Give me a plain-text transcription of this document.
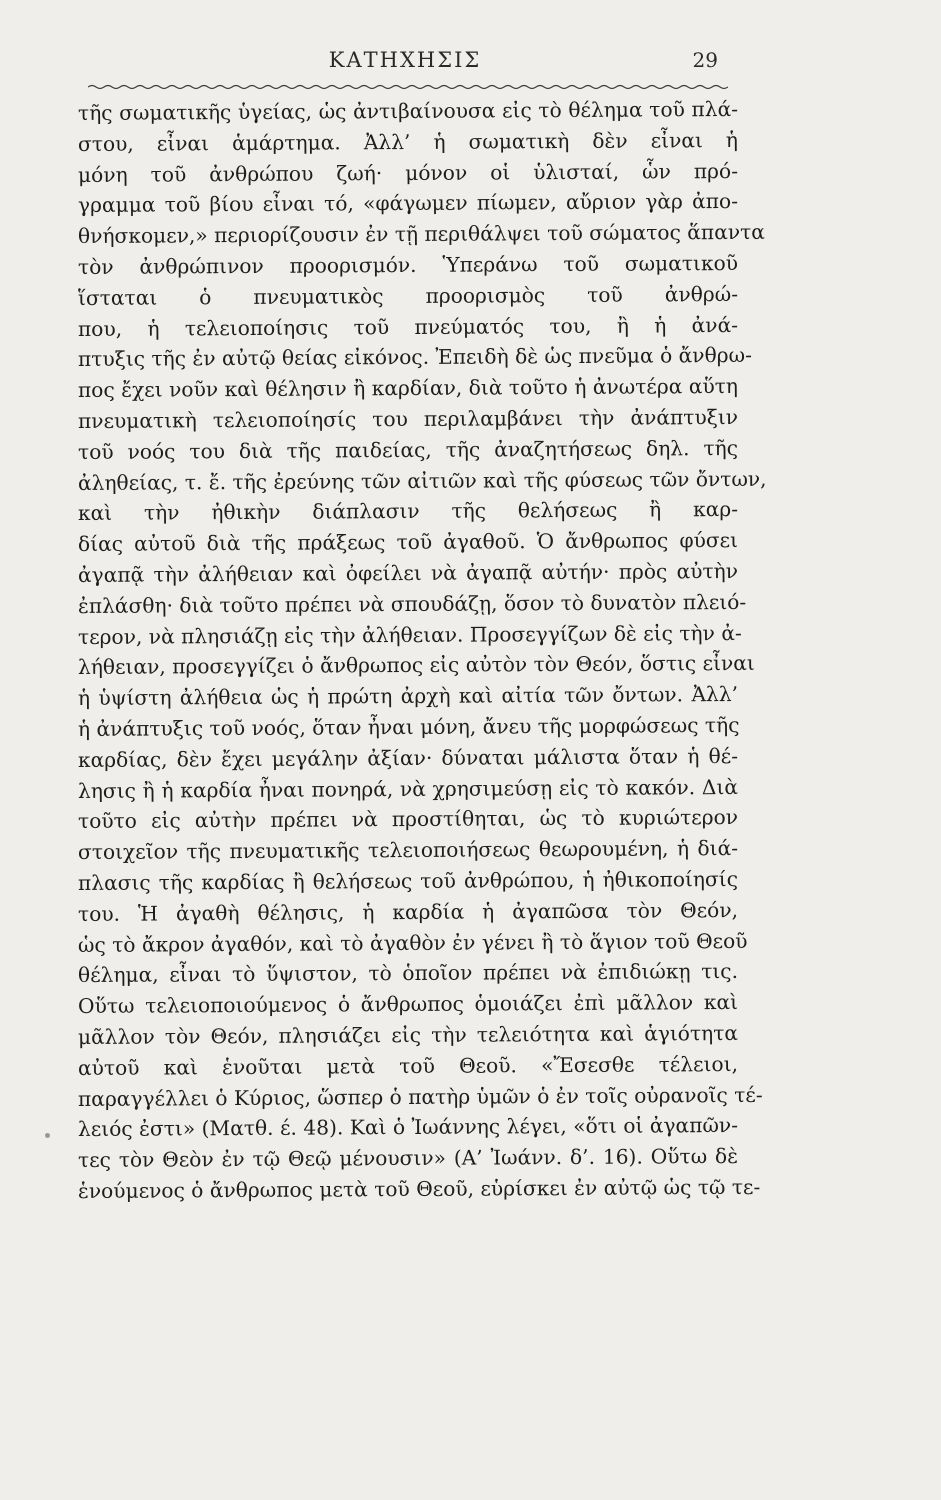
ΚΑΤΗΧΗΣΙΣ	29
τῆς σωματικῆς ὑγείας, ὡς ἀντιβαίνουσα εἰς τὸ θέλημα τοῦ πλά-
στου, εἶναι ἁμάρτημα. Ἀλλ’ ἡ σωματικὴ δὲν εἶναι ἡ
μόνη τοῦ ἀνθρώπου ζωή· μόνον οἱ ὑλισταί, ὧν πρό-
γραμμα τοῦ βίου εἶναι τό, «φάγωμεν πίωμεν, αὔριον γὰρ ἀπο-
θνήσκομεν,» περιορίζουσιν ἐν τῇ περιθάλψει τοῦ σώματος ἅπαντα
τὸν ἀνθρώπινον προορισμόν. Ὑπεράνω τοῦ σωματικοῦ
ἵσταται ὁ πνευματικὸς προορισμὸς τοῦ ἀνθρώ-
που, ἡ τελειοποίησις τοῦ πνεύματός του, ἢ ἡ ἀνά-
πτυξις τῆς ἐν αὐτῷ θείας εἰκόνος. Ἐπειδὴ δὲ ὡς πνεῦμα ὁ ἄνθρω-
πος ἔχει νοῦν καὶ θέλησιν ἢ καρδίαν, διὰ τοῦτο ἡ ἀνωτέρα αὕτη
πνευματικὴ τελειοποίησίς του περιλαμβάνει τὴν ἀνάπτυξιν
τοῦ νοός του διὰ τῆς παιδείας, τῆς ἀναζητήσεως δηλ. τῆς
ἀληθείας, τ. ἔ. τῆς ἐρεύνης τῶν αἰτιῶν καὶ τῆς φύσεως τῶν ὄντων,
καὶ τὴν ἠθικὴν διάπλασιν τῆς θελήσεως ἢ καρ-
δίας αὐτοῦ διὰ τῆς πράξεως τοῦ ἀγαθοῦ. Ὁ ἄνθρωπος φύσει
ἀγαπᾷ τὴν ἀλήθειαν καὶ ὀφείλει νὰ ἀγαπᾷ αὐτήν· πρὸς αὐτὴν
ἐπλάσθη· διὰ τοῦτο πρέπει νὰ σπουδάζῃ, ὅσον τὸ δυνατὸν πλειό-
τερον, νὰ πλησιάζῃ εἰς τὴν ἀλήθειαν. Προσεγγίζων δὲ εἰς τὴν ἀ-
λήθειαν, προσεγγίζει ὁ ἄνθρωπος εἰς αὐτὸν τὸν Θεόν, ὅστις εἶναι
ἡ ὑψίστη ἀλήθεια ὡς ἡ πρώτη ἀρχὴ καὶ αἰτία τῶν ὄντων. Ἀλλ’
ἡ ἀνάπτυξις τοῦ νοός, ὅταν ἦναι μόνη, ἄνευ τῆς μορφώσεως τῆς
καρδίας, δὲν ἔχει μεγάλην ἀξίαν· δύναται μάλιστα ὅταν ἡ θέ-
λησις ἢ ἡ καρδία ἦναι πονηρά, νὰ χρησιμεύσῃ εἰς τὸ κακόν. Διὰ
τοῦτο εἰς αὐτὴν πρέπει νὰ προστίθηται, ὡς τὸ κυριώτερον
στοιχεῖον τῆς πνευματικῆς τελειοποιήσεως θεωρουμένη, ἡ διά-
πλασις τῆς καρδίας ἢ θελήσεως τοῦ ἀνθρώπου, ἡ ἠθικοποίησίς
του. Ἡ ἀγαθὴ θέλησις, ἡ καρδία ἡ ἀγαπῶσα τὸν Θεόν,
ὡς τὸ ἄκρον ἀγαθόν, καὶ τὸ ἀγαθὸν ἐν γένει ἢ τὸ ἅγιον τοῦ Θεοῦ
θέλημα, εἶναι τὸ ὕψιστον, τὸ ὁποῖον πρέπει νὰ ἐπιδιώκῃ τις.
Οὕτω τελειοποιούμενος ὁ ἄνθρωπος ὁμοιάζει ἐπὶ μᾶλλον καὶ
μᾶλλον τὸν Θεόν, πλησιάζει εἰς τὴν τελειότητα καὶ ἁγιότητα
αὐτοῦ καὶ ἑνοῦται μετὰ τοῦ Θεοῦ. «Ἔσεσθε τέλειοι,
παραγγέλλει ὁ Κύριος, ὥσπερ ὁ πατὴρ ὑμῶν ὁ ἐν τοῖς οὐρανοῖς τέ-
λειός ἐστι» (Ματθ. έ. 48). Καὶ ὁ Ἰωάννης λέγει, «ὅτι οἱ ἀγαπῶν-
τες τὸν Θεὸν ἐν τῷ Θεῷ μένουσιν» (Α’ Ἰωάνν. δ’. 16). Οὕτω δὲ
ἑνούμενος ὁ ἄνθρωπος μετὰ τοῦ Θεοῦ, εὑρίσκει ἐν αὐτῷ ὡς τῷ τε-
